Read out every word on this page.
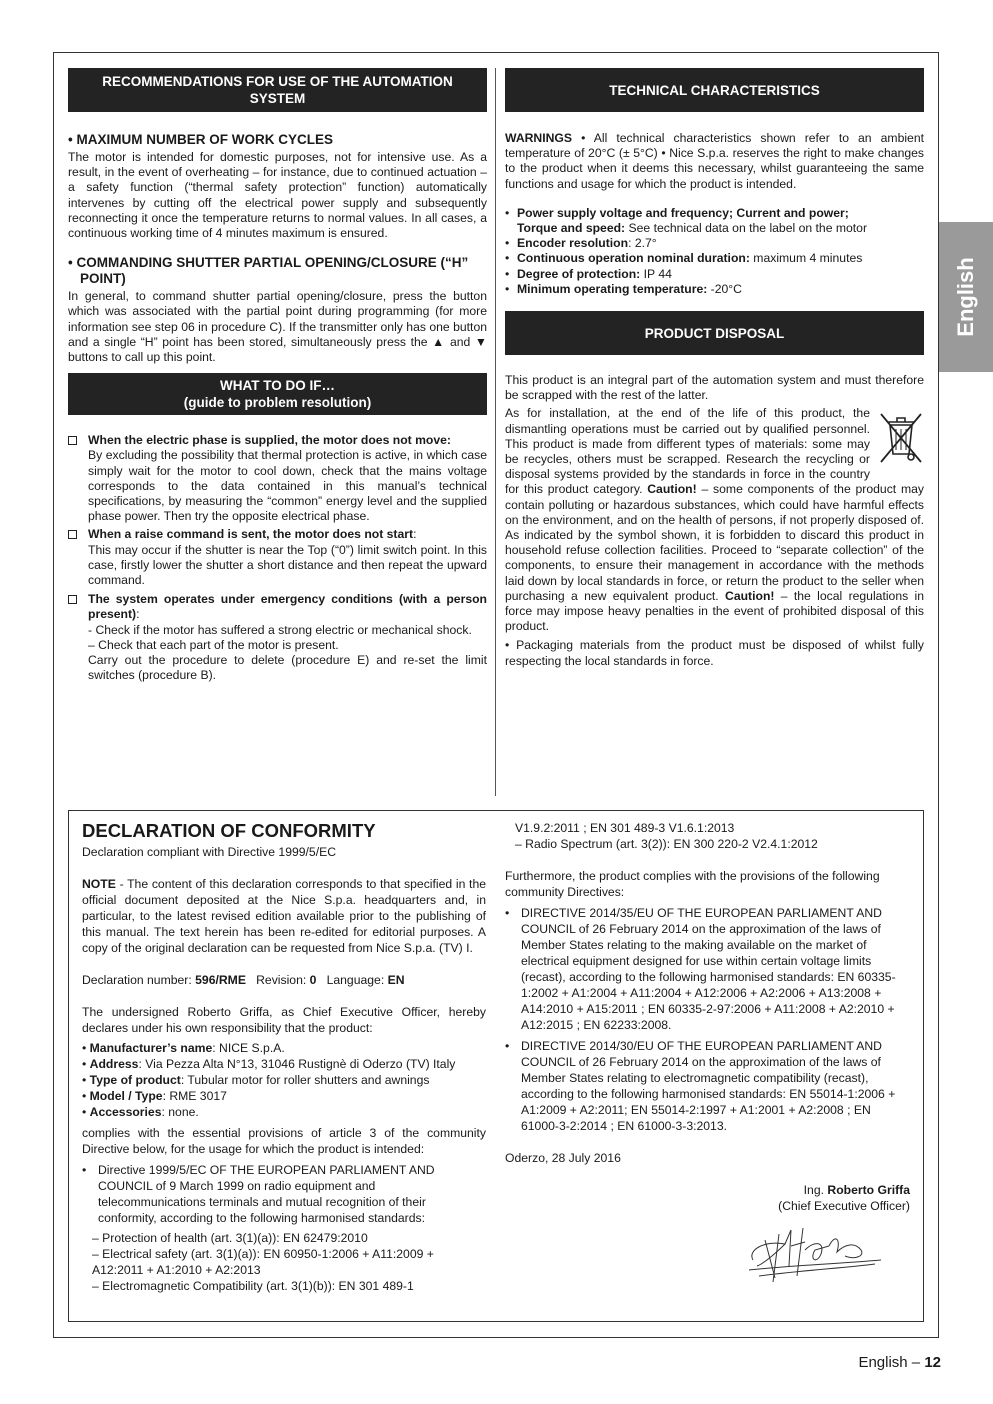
RECOMMENDATIONS FOR USE OF THE AUTOMATION SYSTEM
• MAXIMUM NUMBER OF WORK CYCLES

The motor is intended for domestic purposes, not for intensive use. As a result, in the event of overheating – for instance, due to continued actuation – a safety function (“thermal safety protection” function) automatically intervenes by cutting off the electrical power supply and subsequently reconnecting it once the temperature returns to normal values. In all cases, a continuous working time of 4 minutes maximum is ensured.

• COMMANDING SHUTTER PARTIAL OPENING/CLOSURE (“H” POINT)

In general, to command shutter partial opening/closure, press the button which was associated with the partial point during programming (for more information see step 06 in procedure C). If the transmitter only has one button and a single “H” point has been stored, simultaneously press the ▲ and ▼ buttons to call up this point.

WHAT TO DO IF…
(guide to problem resolution)
When the electric phase is supplied, the motor does not move:
By excluding the possibility that thermal protection is active, in which case simply wait for the motor to cool down, check that the mains voltage corresponds to the data contained in this manual’s technical specifications, by measuring the “common” energy level and the supplied phase power. Then try the opposite electrical phase.
When a raise command is sent, the motor does not start:
This may occur if the shutter is near the Top (“0”) limit switch point. In this case, firstly lower the shutter a short distance and then repeat the upward command.
The system operates under emergency conditions (with a person present):
- Check if the motor has suffered a strong electric or mechanical shock.
– Check that each part of the motor is present.
Carry out the procedure to delete (procedure E) and re-set the limit switches (procedure B).
TECHNICAL CHARACTERISTICS

WARNINGS • All technical characteristics shown refer to an ambient temperature of 20°C (± 5°C) • Nice S.p.a. reserves the right to make changes to the product when it deems this necessary, whilst guaranteeing the same functions and usage for which the product is intended.

• Power supply voltage and frequency; Current and power;
Torque and speed: See technical data on the label on the motor
• Encoder resolution: 2.7°
• Continuous operation nominal duration: maximum 4 minutes
• Degree of protection: IP 44
• Minimum operating temperature: -20°C
PRODUCT DISPOSAL

This product is an integral part of the automation system and must therefore be scrapped with the rest of the latter.

As for installation, at the end of the life of this product, the dismantling operations must be carried out by qualified personnel. This product is made from different types of materials: some may be recycles, others must be scrapped. Research the recycling or disposal systems provided by the standards in force in the country for this product category. Caution! – some components of the product may contain polluting or hazardous substances, which could have harmful effects on the environment, and on the health of persons, if not properly disposed of. As indicated by the symbol shown, it is forbidden to discard this product in household refuse collection facilities. Proceed to “separate collection” of the components, to ensure their management in accordance with the methods laid down by local standards in force, or return the product to the seller when purchasing a new equivalent product. Caution! – the local regulations in force may impose heavy penalties in the event of prohibited disposal of this product.

• Packaging materials from the product must be disposed of whilst fully respecting the local standards in force.

English
DECLARATION OF CONFORMITY
Declaration compliant with Directive 1999/5/EC

NOTE - The content of this declaration corresponds to that specified in the official document deposited at the Nice S.p.a. headquarters and, in particular, to the latest revised edition available prior to the publishing of this manual. The text herein has been re-edited for editorial purposes. A copy of the original declaration can be requested from Nice S.p.a. (TV) I.

Declaration number: 596/RME Revision: 0 Language: EN

The undersigned Roberto Griffa, as Chief Executive Officer, hereby declares under his own responsibility that the product:

• Manufacturer’s name: NICE S.p.A.
• Address: Via Pezza Alta N°13, 31046 Rustignè di Oderzo (TV) Italy
• Type of product: Tubular motor for roller shutters and awnings
• Model / Type: RME 3017
• Accessories: none.

complies with the essential provisions of article 3 of the community Directive below, for the usage for which the product is intended:

• Directive 1999/5/EC OF THE EUROPEAN PARLIAMENT AND COUNCIL of 9 March 1999 on radio equipment and telecommunications terminals and mutual recognition of their conformity, according to the following harmonised standards:
– Protection of health (art. 3(1)(a)): EN 62479:2010
– Electrical safety (art. 3(1)(a)): EN 60950-1:2006 + A11:2009 + A12:2011 + A1:2010 + A2:2013
– Electromagnetic Compatibility (art. 3(1)(b)): EN 301 489-1
V1.9.2:2011 ; EN 301 489-3 V1.6.1:2013
– Radio Spectrum (art. 3(2)): EN 300 220-2 V2.4.1:2012

Furthermore, the product complies with the provisions of the following community Directives:

• DIRECTIVE 2014/35/EU OF THE EUROPEAN PARLIAMENT AND COUNCIL of 26 February 2014 on the approximation of the laws of Member States relating to the making available on the market of electrical equipment designed for use within certain voltage limits (recast), according to the following harmonised standards: EN 60335-1:2002 + A1:2004 + A11:2004 + A12:2006 + A2:2006 + A13:2008 + A14:2010 + A15:2011 ; EN 60335-2-97:2006 + A11:2008 + A2:2010 + A12:2015 ; EN 62233:2008.
• DIRECTIVE 2014/30/EU OF THE EUROPEAN PARLIAMENT AND COUNCIL of 26 February 2014 on the approximation of the laws of Member States relating to electromagnetic compatibility (recast), according to the following harmonised standards: EN 55014-1:2006 + A1:2009 + A2:2011; EN 55014-2:1997 + A1:2001 + A2:2008 ; EN 61000-3-2:2014 ; EN 61000-3-3:2013.
Oderzo, 28 July 2016
Ing. Roberto Griffa
(Chief Executive Officer)
English – 12
